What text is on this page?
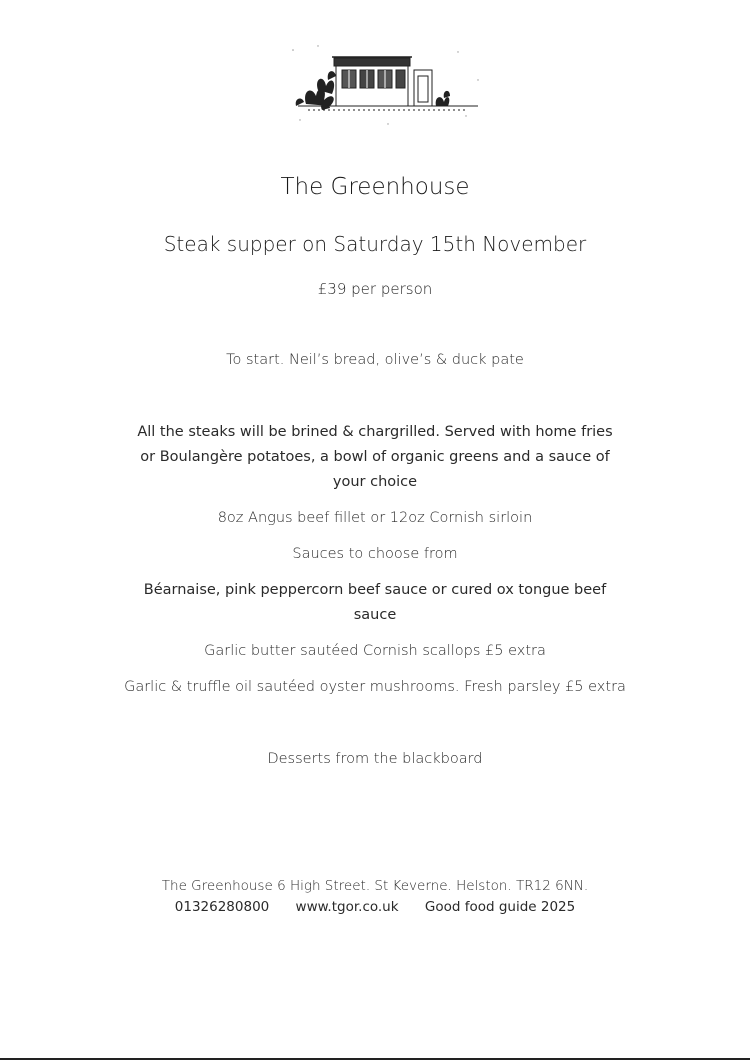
The Greenhouse
Steak supper on Saturday 15th November
£39 per person
To start. Neil’s bread, olive’s & duck pate
All the steaks will be brined & chargrilled. Served with home fries or Boulangère potatoes, a bowl of organic greens and a sauce of your choice
8oz Angus beef fillet or 12oz Cornish sirloin
Sauces to choose from
Béarnaise, pink peppercorn beef sauce or cured ox tongue beef sauce
Garlic butter sautéed Cornish scallops £5 extra
Garlic & truffle oil sautéed oyster mushrooms. Fresh parsley £5 extra
Desserts from the blackboard
The Greenhouse 6 High Street. St Keverne. Helston. TR12 6NN.
01326280800 www.tgor.co.uk Good food guide 2025
